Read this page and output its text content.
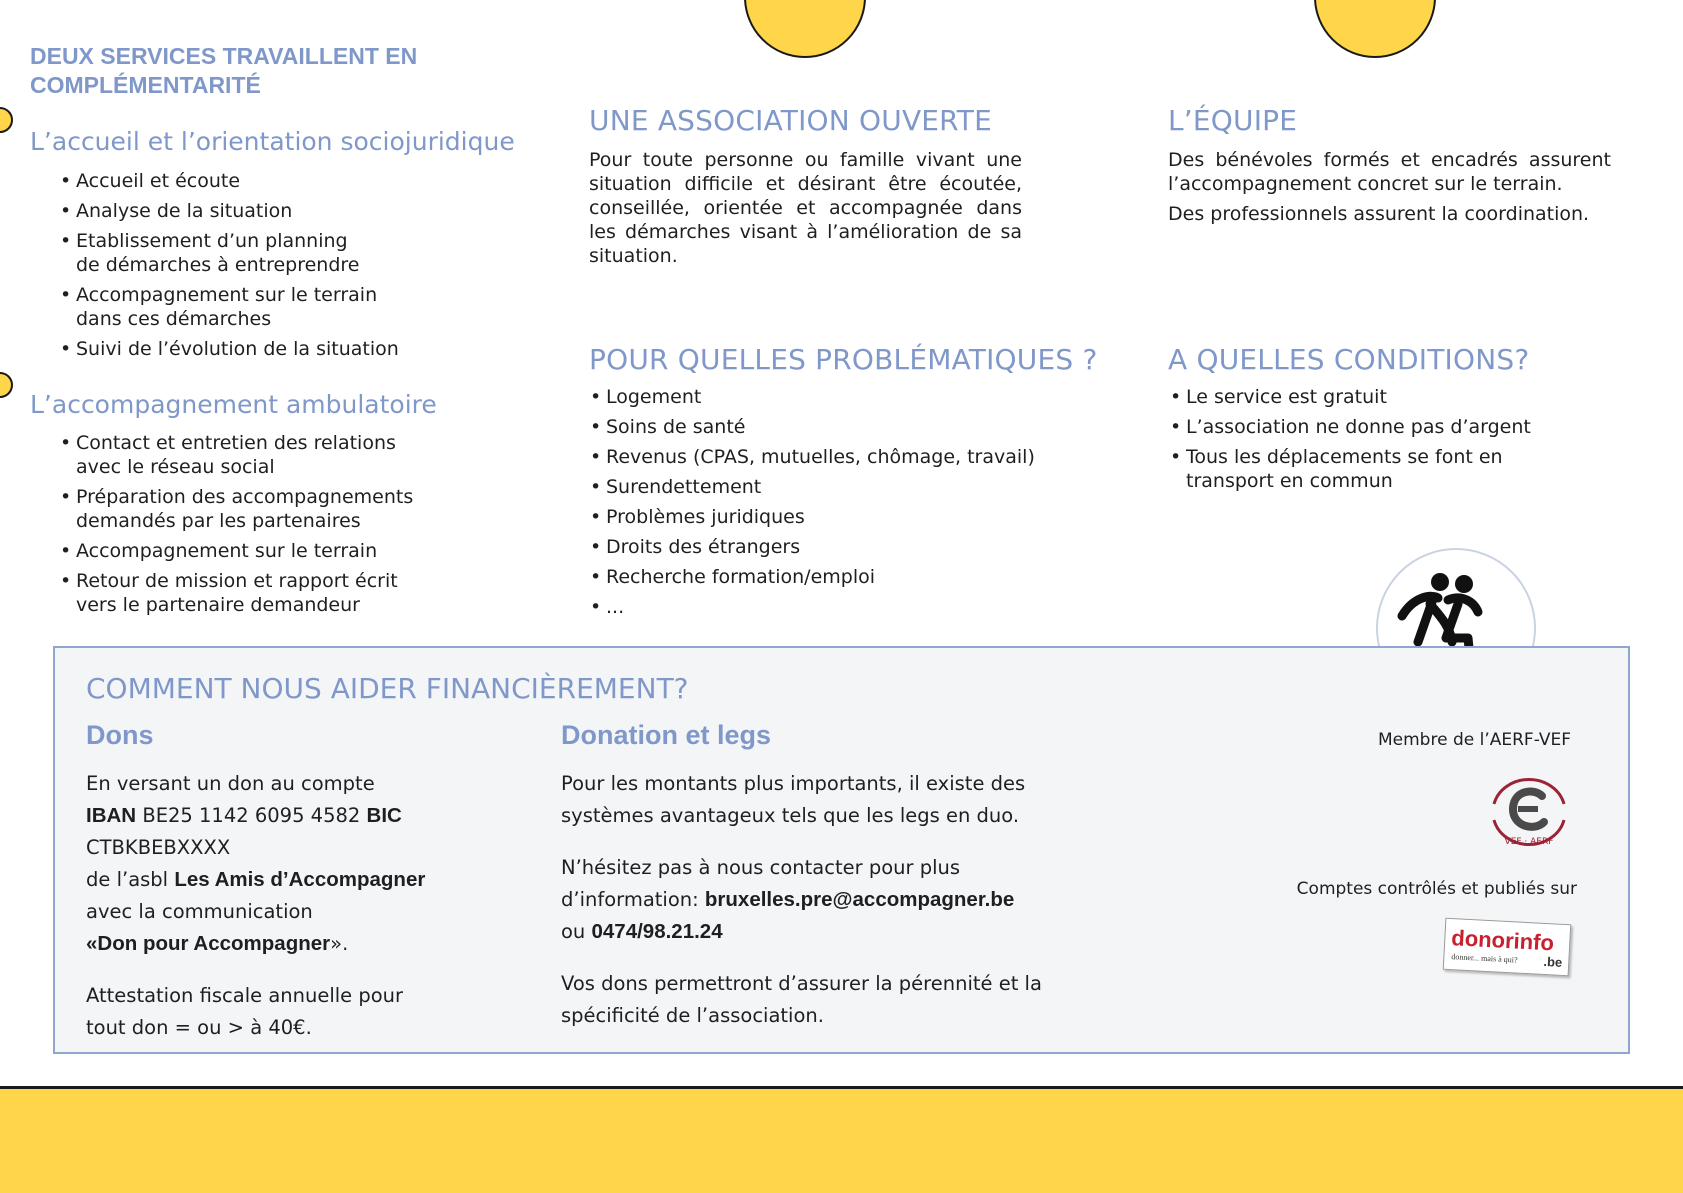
DEUX SERVICES TRAVAILLENT EN COMPLÉMENTARITÉ
L’accueil et l’orientation sociojuridique
• Accueil et écoute
• Analyse de la situation
• Etablissement d’un planning
de démarches à entreprendre
• Accompagnement sur le terrain
dans ces démarches
• Suivi de l’évolution de la situation
L’accompagnement ambulatoire
• Contact et entretien des relations
avec le réseau social
• Préparation des accompagnements
demandés par les partenaires
• Accompagnement sur le terrain
• Retour de mission et rapport écrit
vers le partenaire demandeur
UNE ASSOCIATION OUVERTE
Pour toute personne ou famille vivant une situation difficile et désirant être écoutée, conseillée, orientée et accompagnée dans les démarches visant à l’amélioration de sa situation.
POUR QUELLES PROBLÉMATIQUES ?
• Logement
• Soins de santé
• Revenus (CPAS, mutuelles, chômage, travail)
• Surendettement
• Problèmes juridiques
• Droits des étrangers
• Recherche formation/emploi
• ...
L’ÉQUIPE
Des bénévoles formés et encadrés assurent l’accompagnement concret sur le terrain.
Des professionnels assurent la coordination.
A QUELLES CONDITIONS?
• Le service est gratuit
• L’association ne donne pas d’argent
• Tous les déplacements se font en
transport en commun
COMMENT NOUS AIDER FINANCIÈREMENT?
Dons
En versant un don au compte
IBAN BE25 1142 6095 4582 BIC CTBKBEBXXXX
de l’asbl Les Amis d’Accompagner
avec la communication

«Don pour Accompagner».

Attestation fiscale annuelle pour
tout don = ou > à 40€.

Donation et legs

Pour les montants plus importants, il existe des systèmes avantageux tels que les legs en duo.

N’hésitez pas à nous contacter pour plus d’information: bruxelles.pre@accompagner.be
ou 0474/98.21.24

Vos dons permettront d’assurer la pérennité et la spécificité de l’association.

Membre de l’AERF-VEF
VEF · AERF
Comptes contrôlés et publiés sur
donorinfo
donner... mais à qui? .be
